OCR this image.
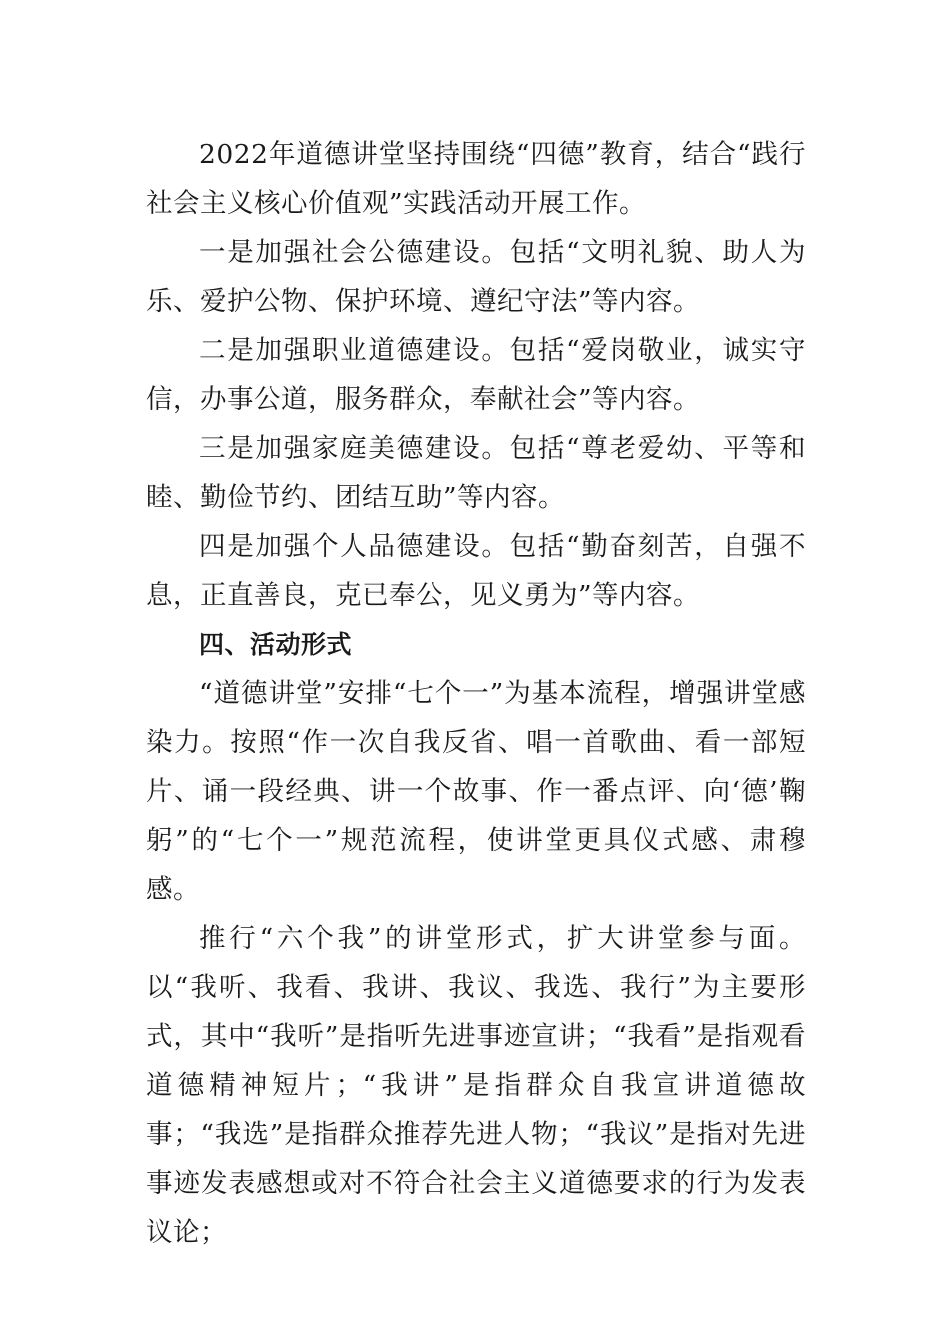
2022年道德讲堂坚持围绕“四德”教育，结合“践行社会主义核心价值观”实践活动开展工作。

一是加强社会公德建设。包括“文明礼貌、助人为乐、爱护公物、保护环境、遵纪守法”等内容。

二是加强职业道德建设。包括“爱岗敬业，诚实守信，办事公道，服务群众，奉献社会”等内容。

三是加强家庭美德建设。包括“尊老爱幼、平等和睦、勤俭节约、团结互助”等内容。

四是加强个人品德建设。包括“勤奋刻苦，自强不息，正直善良，克已奉公，见义勇为”等内容。

四、活动形式

“道德讲堂”安排“七个一”为基本流程，增强讲堂感染力。按照“作一次自我反省、唱一首歌曲、看一部短片、诵一段经典、讲一个故事、作一番点评、向‘德’鞠躬”的“七个一”规范流程，使讲堂更具仪式感、肃穆感。

推行“六个我”的讲堂形式，扩大讲堂参与面。以“我听、我看、我讲、我议、我选、我行”为主要形式，其中“我听”是指听先进事迹宣讲；“我看”是指观看道德精神短片；“我讲”是指群众自我宣讲道德故事；“我选”是指群众推荐先进人物；“我议”是指对先进事迹发表感想或对不符合社会主义道德要求的行为发表议论；
